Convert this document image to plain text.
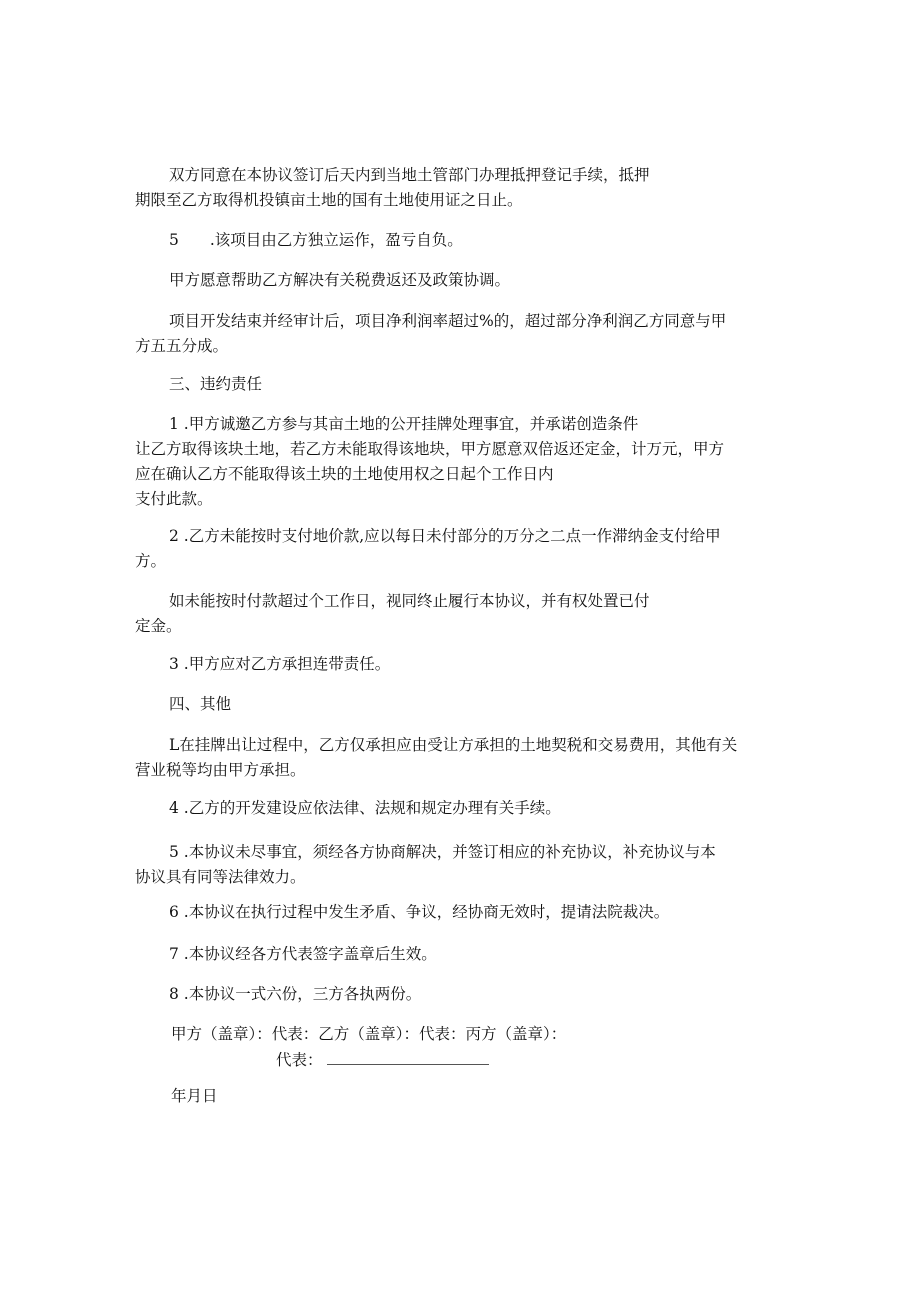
双方同意在本协议签订后天内到当地土管部门办理抵押登记手续，抵押
期限至乙方取得机投镇亩土地的国有土地使用证之日止。
5　　.该项目由乙方独立运作，盈亏自负。
甲方愿意帮助乙方解决有关税费返还及政策协调。
项目开发结束并经审计后，项目净利润率超过%的，超过部分净利润乙方同意与甲
方五五分成。
三、违约责任
1 .甲方诚邀乙方参与其亩土地的公开挂牌处理事宜，并承诺创造条件
让乙方取得该块土地，若乙方未能取得该地块，甲方愿意双倍返还定金，计万元，甲方
应在确认乙方不能取得该土块的土地使用权之日起个工作日内
支付此款。
2 .乙方未能按时支付地价款,应以每日未付部分的万分之二点一作滞纳金支付给甲
方。
如未能按时付款超过个工作日，视同终止履行本协议，并有权处置已付
定金。
3 .甲方应对乙方承担连带责任。
四、其他
L在挂牌出让过程中，乙方仅承担应由受让方承担的土地契税和交易费用，其他有关
营业税等均由甲方承担。
4 .乙方的开发建设应依法律、法规和规定办理有关手续。
5 .本协议未尽事宜，须经各方协商解决，并签订相应的补充协议，补充协议与本
协议具有同等法律效力。
6 .本协议在执行过程中发生矛盾、争议，经协商无效时，提请法院裁决。
7 .本协议经各方代表签字盖章后生效。
8 .本协议一式六份，三方各执两份。
甲方（盖章）：代表：乙方（盖章）：代表：丙方（盖章）：
代表：
年月日
